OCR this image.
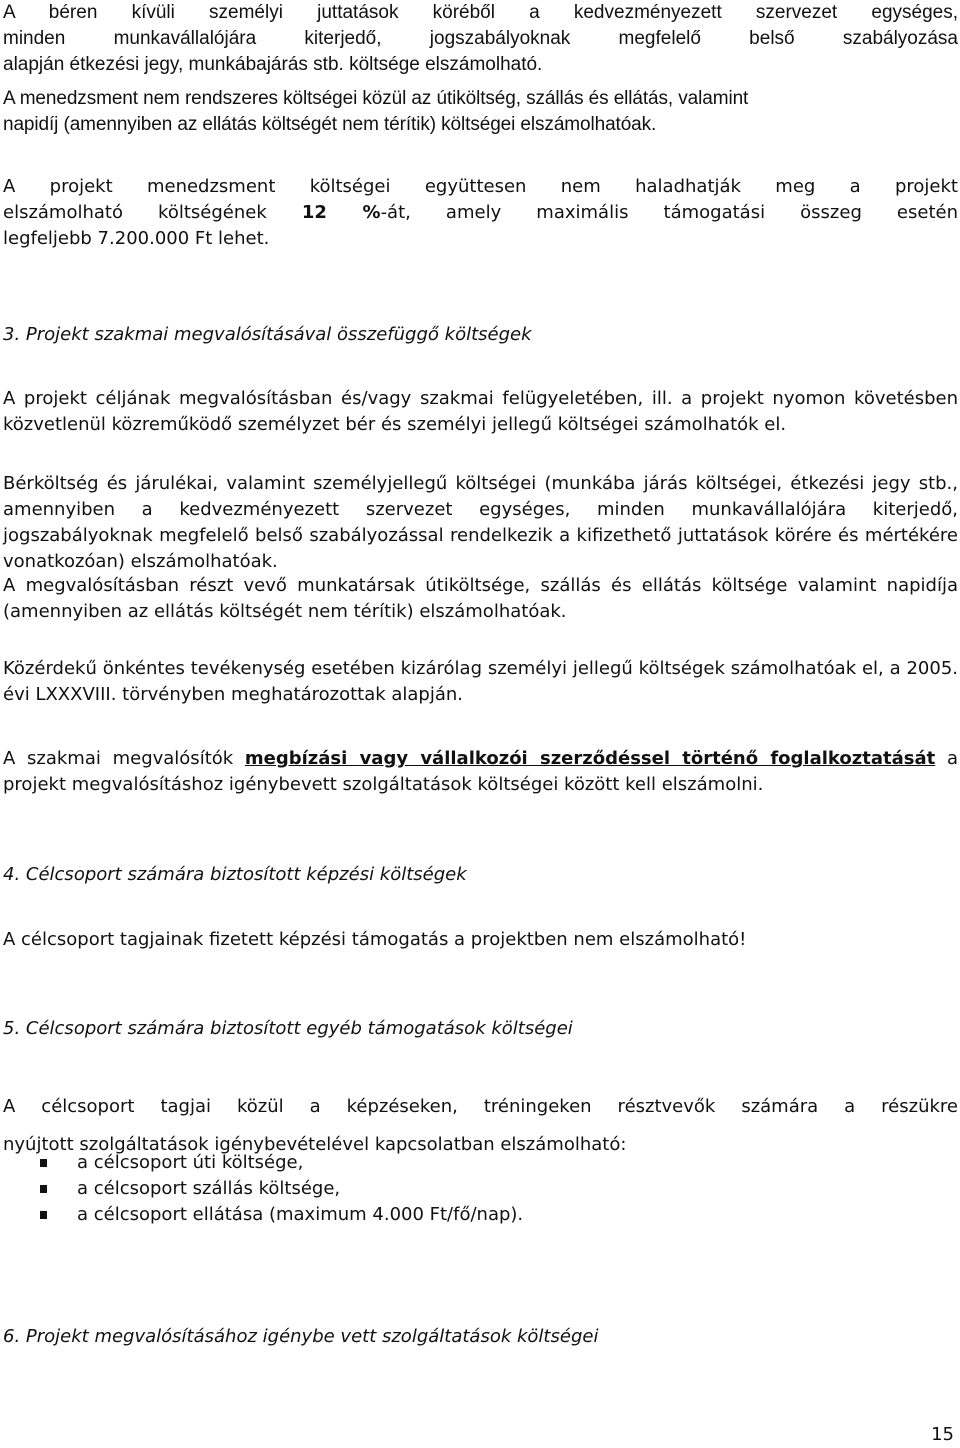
A béren kívüli személyi juttatások köréből a kedvezményezett szervezet egységes,
minden munkavállalójára kiterjedő, jogszabályoknak megfelelő belső szabályozása
alapján étkezési jegy, munkábajárás stb. költsége elszámolható.
A menedzsment nem rendszeres költségei közül az útiköltség, szállás és ellátás, valamint
napidíj (amennyiben az ellátás költségét nem térítik) költségei elszámolhatóak.
A projekt menedzsment költségei együttesen nem haladhatják meg a projekt
elszámolható költségének 12 %-át, amely maximális támogatási összeg esetén
legfeljebb 7.200.000 Ft lehet.
3. Projekt szakmai megvalósításával összefüggő költségek
A projekt céljának megvalósításban és/vagy szakmai felügyeletében, ill. a projekt nyomon követésben közvetlenül közreműködő személyzet bér és személyi jellegű költségei számolhatók el.
Bérköltség és járulékai, valamint személyjellegű költségei (munkába járás költségei, étkezési jegy stb., amennyiben a kedvezményezett szervezet egységes, minden munkavállalójára kiterjedő, jogszabályoknak megfelelő belső szabályozással rendelkezik a kifizethető juttatások körére és mértékére vonatkozóan) elszámolhatóak.
A megvalósításban részt vevő munkatársak útiköltsége, szállás és ellátás költsége valamint napidíja (amennyiben az ellátás költségét nem térítik) elszámolhatóak.
Közérdekű önkéntes tevékenység esetében kizárólag személyi jellegű költségek számolhatóak el, a 2005. évi LXXXVIII. törvényben meghatározottak alapján.
A szakmai megvalósítók megbízási vagy vállalkozói szerződéssel történő foglalkoztatását a projekt megvalósításhoz igénybevett szolgáltatások költségei között kell elszámolni.
4. Célcsoport számára biztosított képzési költségek
A célcsoport tagjainak fizetett képzési támogatás a projektben nem elszámolható!
5. Célcsoport számára biztosított egyéb támogatások költségei
A célcsoport tagjai közül a képzéseken, tréningeken résztvevők számára a részükre
nyújtott szolgáltatások igénybevételével kapcsolatban elszámolható:
a célcsoport úti költsége,
a célcsoport szállás költsége,
a célcsoport ellátása (maximum 4.000 Ft/fő/nap).
6. Projekt megvalósításához igénybe vett szolgáltatások költségei
15
